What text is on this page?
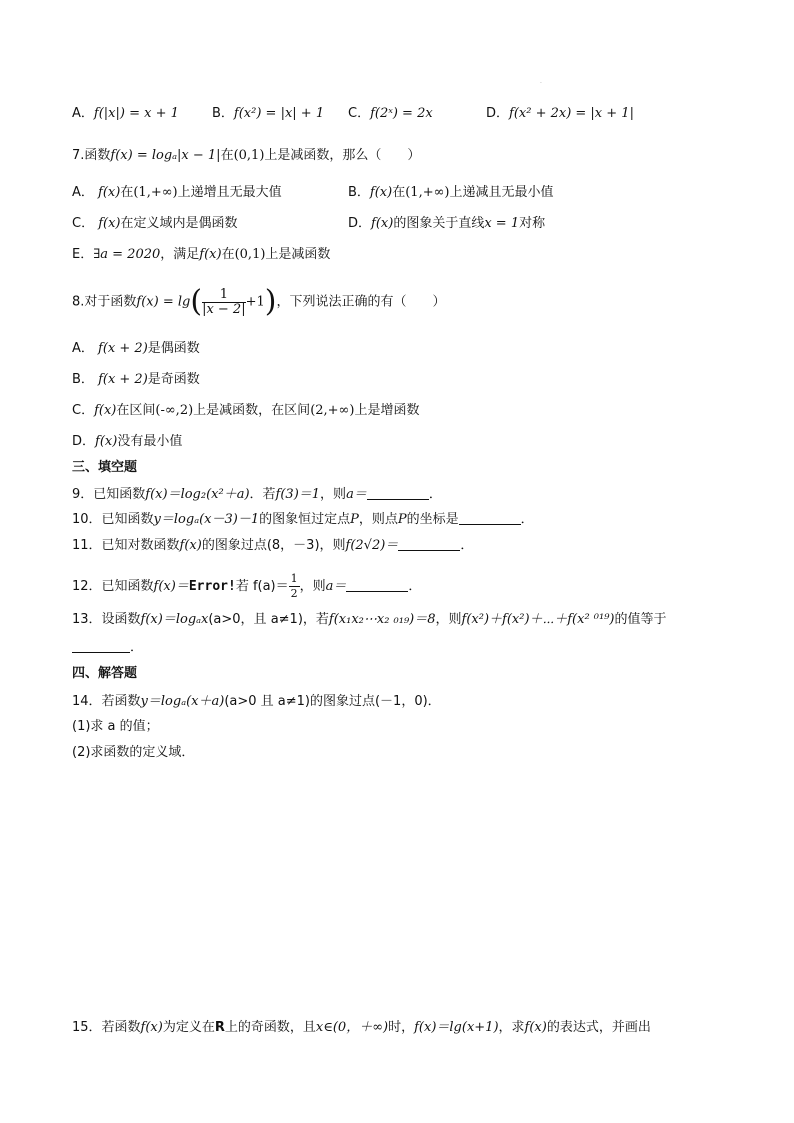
·
A．f(|x|) = x + 1	B．f(x²) = |x| + 1 C．f(2ˣ) = 2x	D．f(x² + 2x) = |x + 1|
7.函数f(x) = logₐ|x − 1|在(0,1)上是减函数，那么（　　）
A． f(x)在(1,+∞)上递增且无最大值	B．f(x)在(1,+∞)上递减且无最小值
C． f(x)在定义域内是偶函数	D．f(x)的图象关于直线x = 1对称
E．∃a = 2020，满足f(x)在(0,1)上是减函数
8.对于函数$f(x) = \lg( \frac{1}{|x - 2|} +1)$，下列说法正确的有（　　）
A． f(x + 2)是偶函数
B． f(x + 2)是奇函数
C．f(x)在区间(-∞,2)上是减函数，在区间(2,+∞)上是增函数
D．f(x)没有最小值
三、填空题
9．已知函数f(x)＝log₂(x²＋a)．若f(3)＝1，则a＝	．
10．已知函数y＝logₐ(x－3)－1的图象恒过定点P，则点P的坐标是	．
11．已知对数函数f(x)的图象过点(8，－3)，则f(2√2)＝	．
12．已知函数f(x)＝Error!若 $f(a)= \frac{1}{2}$ ，则a＝	．
13．设函数f(x)＝logₐx(a>0，且 a≠1)，若f(x₁x₂⋯x₂ ₀₁₉)＝8，则f(x²)＋f(x²)＋⋯＋f(x² ⁰¹⁹)的值等于
．
四、解答题
14．若函数y＝logₐ(x＋a)(a>0 且 a≠1)的图象过点(－1，0)．
(1)求 a 的值；
(2)求函数的定义域．
15．若函数f(x)为定义在R上的奇函数，且x∈(0，＋∞)时，f(x)＝lg(x+1)，求f(x)的表达式，并画出
